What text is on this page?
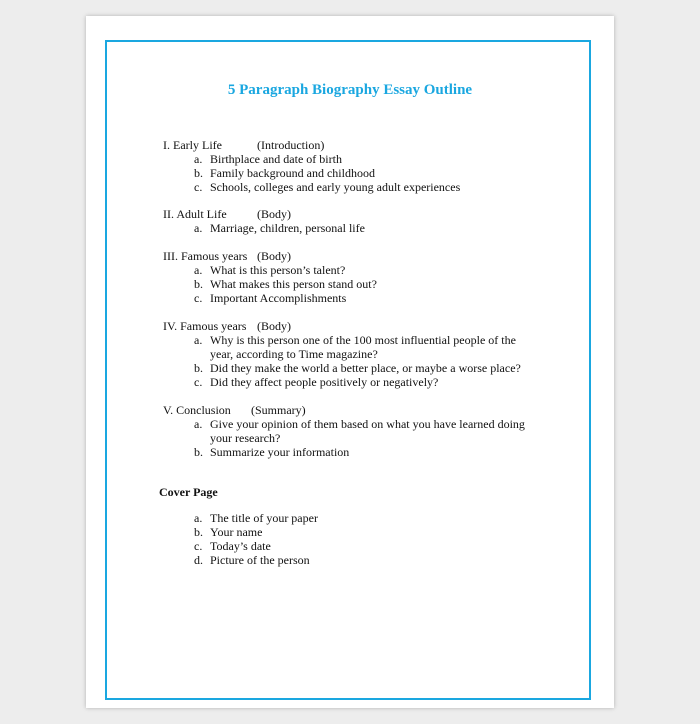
5 Paragraph Biography Essay Outline
I. Early Life	(Introduction)
a. Birthplace and date of birth
b. Family background and childhood
c. Schools, colleges and early young adult experiences
II. Adult Life	(Body)
a. Marriage, children, personal life
III. Famous years (Body)
a. What is this person’s talent?
b. What makes this person stand out?
c. Important Accomplishments
IV. Famous years (Body)
a. Why is this person one of the 100 most influential people of the
year, according to Time magazine?
b. Did they make the world a better place, or maybe a worse place?
c. Did they affect people positively or negatively?
V. Conclusion (Summary)
a. Give your opinion of them based on what you have learned doing
your research?
b. Summarize your information
Cover Page
a. The title of your paper
b. Your name
c. Today’s date
d. Picture of the person
